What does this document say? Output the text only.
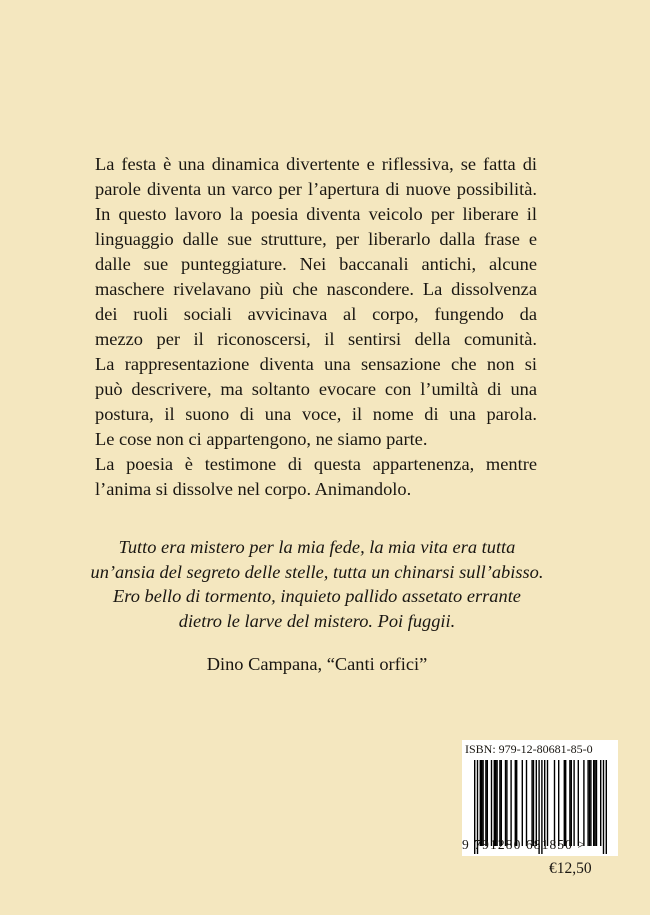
La festa è una dinamica divertente e riflessiva, se fatta di
parole diventa un varco per l’apertura di nuove possibilità.
In questo lavoro la poesia diventa veicolo per liberare il
linguaggio dalle sue strutture, per liberarlo dalla frase e
dalle sue punteggiature. Nei baccanali antichi, alcune
maschere rivelavano più che nascondere. La dissolvenza
dei ruoli sociali avvicinava al corpo, fungendo da
mezzo per il riconoscersi, il sentirsi della comunità.
La rappresentazione diventa una sensazione che non si
può descrivere, ma soltanto evocare con l’umiltà di una
postura, il suono di una voce, il nome di una parola.
Le cose non ci appartengono, ne siamo parte.
La poesia è testimone di questa appartenenza, mentre
l’anima si dissolve nel corpo. Animandolo.
Tutto era mistero per la mia fede, la mia vita era tutta
un’ansia del segreto delle stelle, tutta un chinarsi sull’abisso.
Ero bello di tormento, inquieto pallido assetato errante
dietro le larve del mistero. Poi fuggii.
Dino Campana, “Canti orfici”
ISBN: 979-12-80681-85-0
9 791280 681850 >
€12,50
